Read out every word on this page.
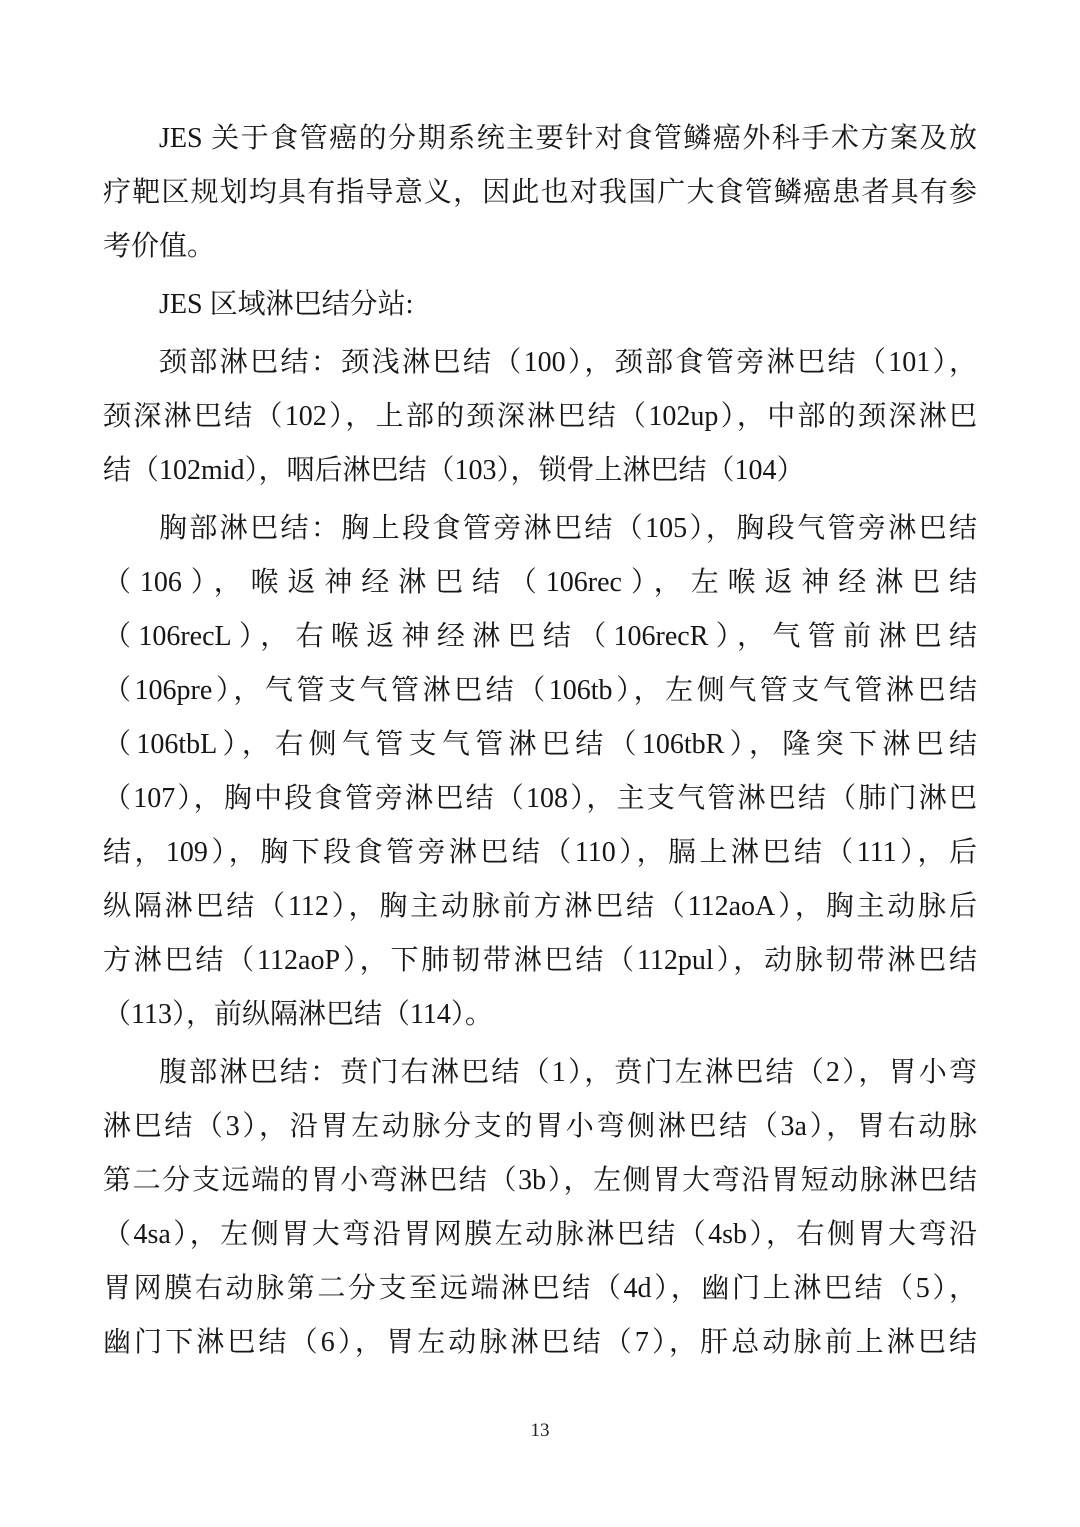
JES 关于食管癌的分期系统主要针对食管鳞癌外科手术方案及放
疗靶区规划均具有指导意义，因此也对我国广大食管鳞癌患者具有参
考价值。
JES 区域淋巴结分站:
颈部淋巴结：颈浅淋巴结（100），颈部食管旁淋巴结（101），
颈深淋巴结（102），上部的颈深淋巴结（102up），中部的颈深淋巴
结（102mid），咽后淋巴结（103），锁骨上淋巴结（104）
胸部淋巴结：胸上段食管旁淋巴结（105），胸段气管旁淋巴结
（106），喉返神经淋巴结（106rec），左喉返神经淋巴结
（106recL），右喉返神经淋巴结（106recR），气管前淋巴结
（106pre），气管支气管淋巴结（106tb），左侧气管支气管淋巴结
（106tbL），右侧气管支气管淋巴结（106tbR），隆突下淋巴结
（107），胸中段食管旁淋巴结（108），主支气管淋巴结（肺门淋巴
结，109），胸下段食管旁淋巴结（110），膈上淋巴结（111），后
纵隔淋巴结（112），胸主动脉前方淋巴结（112aoA），胸主动脉后
方淋巴结（112aoP），下肺韧带淋巴结（112pul），动脉韧带淋巴结
（113），前纵隔淋巴结（114）。
腹部淋巴结：贲门右淋巴结（1），贲门左淋巴结（2），胃小弯
淋巴结（3），沿胃左动脉分支的胃小弯侧淋巴结（3a），胃右动脉
第二分支远端的胃小弯淋巴结（3b），左侧胃大弯沿胃短动脉淋巴结
（4sa），左侧胃大弯沿胃网膜左动脉淋巴结（4sb），右侧胃大弯沿
胃网膜右动脉第二分支至远端淋巴结（4d），幽门上淋巴结（5），
幽门下淋巴结（6），胃左动脉淋巴结（7），肝总动脉前上淋巴结
13
